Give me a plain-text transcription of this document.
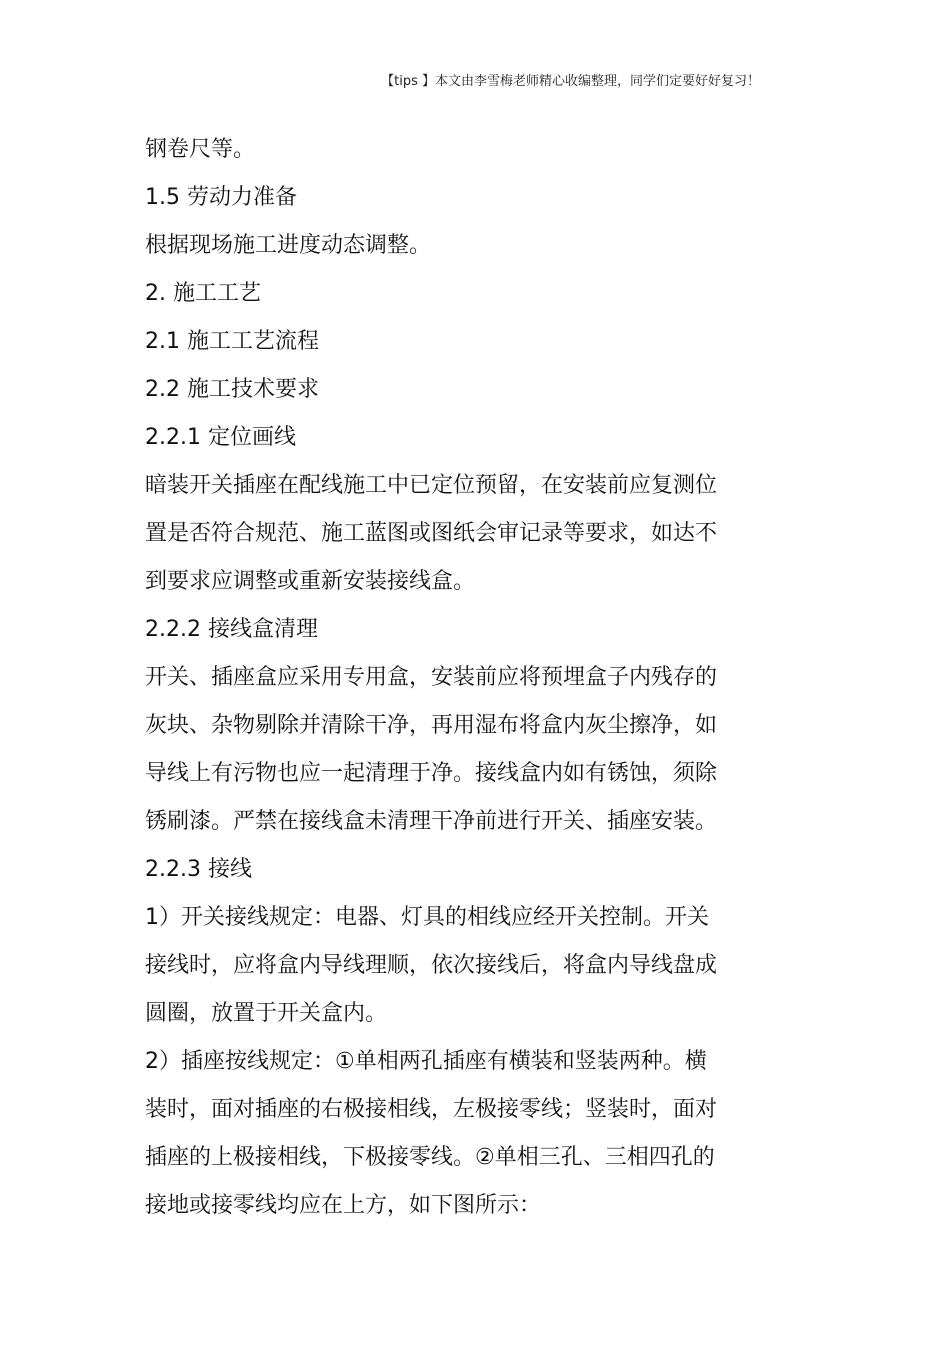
【tips 】本文由李雪梅老师精心收编整理，同学们定要好好复习！
钢卷尺等。
1.5 劳动力准备
根据现场施工进度动态调整。
2. 施工工艺
2.1 施工工艺流程
2.2 施工技术要求
2.2.1 定位画线
暗装开关插座在配线施工中已定位预留，在安装前应复测位
置是否符合规范、施工蓝图或图纸会审记录等要求，如达不
到要求应调整或重新安装接线盒。
2.2.2 接线盒清理
开关、插座盒应采用专用盒，安装前应将预埋盒子内残存的
灰块、杂物剔除并清除干净，再用湿布将盒内灰尘擦净，如
导线上有污物也应一起清理于净。接线盒内如有锈蚀，须除
锈刷漆。严禁在接线盒未清理干净前进行开关、插座安装。
2.2.3 接线
1）开关接线规定：电器、灯具的相线应经开关控制。开关
接线时，应将盒内导线理顺，依次接线后，将盒内导线盘成
圆圈，放置于开关盒内。
2）插座按线规定：①单相两孔插座有横装和竖装两种。横
装时，面对插座的右极接相线，左极接零线；竖装时，面对
插座的上极接相线，下极接零线。②单相三孔、三相四孔的
接地或接零线均应在上方，如下图所示：
